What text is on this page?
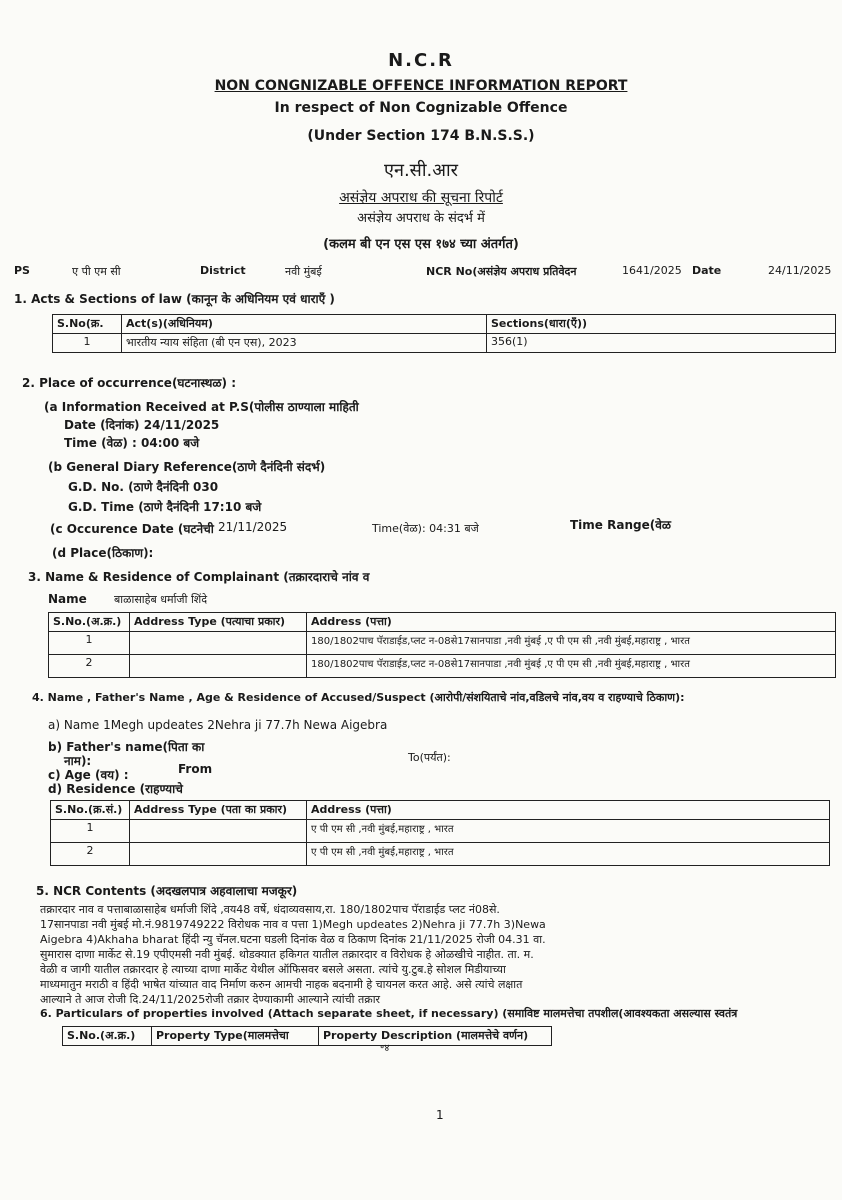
N.C.R
NON CONGNIZABLE OFFENCE INFORMATION REPORT
In respect of Non Cognizable Offence
(Under Section 174 B.N.S.S.)
एन.सी.आर
असंज्ञेय अपराध की सूचना रिपोर्ट
असंज्ञेय अपराध के संदर्भ में
(कलम बी एन एस एस १७४ च्या अंतर्गत)
PS	ए पी एम सी	District	नवी मुंबई	NCR No(असंज्ञेय अपराध प्रतिवेदन	1641/2025 Date	24/11/2025
1. Acts & Sections of law (कानून के अधिनियम एवं धाराएँ )
S.No(क्र.	Act(s)(अधिनियम)	Sections(धारा(एँ))
1	भारतीय न्याय संहिता (बी एन एस), 2023	356(1)
2. Place of occurrence(घटनास्थळ) :
(a Information Received at P.S(पोलीस ठाण्याला माहिती
Date (दिनांक) 24/11/2025
Time (वेळ) : 04:00 बजे
(b General Diary Reference(ठाणे दैनंदिनी संदर्भ)
G.D. No. (ठाणे दैनंदिनी 030
G.D. Time (ठाणे दैनंदिनी 17:10 बजे
(c Occurence Date (घटनेची 21/11/2025	Time(वेळ): 04:31 बजे	Time Range(वेळ
(d Place(ठिकाण):
3. Name & Residence of Complainant (तक्रारदाराचे नांव व
Name बाळासाहेब धर्माजी शिंदे
S.No.(अ.क्र.)	Address Type (पत्याचा प्रकार)	Address (पत्ता)
1		180/1802पाच पॅराडाईड,प्लट न-08से17सानपाडा ,नवी मुंबई ,ए पी एम सी ,नवी मुंबई,महाराष्ट्र , भारत
2		180/1802पाच पॅराडाईड,प्लट न-08से17सानपाडा ,नवी मुंबई ,ए पी एम सी ,नवी मुंबई,महाराष्ट्र , भारत
4. Name , Father's Name , Age & Residence of Accused/Suspect (आरोपी/संशयिताचे नांव,वडिलचे नांव,वय व राहण्याचे ठिकाण):
a) Name 1Megh updeates 2Nehra ji 77.7h Newa Aigebra
b) Father's name(पिता का
नाम):
c) Age (वय) :	From
To(पर्यंत):
d) Residence (राहण्याचे
S.No.(क्र.सं.)	Address Type (पता का प्रकार)	Address (पत्ता)
1		ए पी एम सी ,नवी मुंबई,महाराष्ट्र , भारत
2		ए पी एम सी ,नवी मुंबई,महाराष्ट्र , भारत
5. NCR Contents (अदखलपात्र अहवालाचा मजकूर)
तक्रारदार नाव व पत्ताबाळासाहेब धर्माजी शिंदे ,वय48 वर्षे, धंदाव्यवसाय,रा. 180/1802पाच पॅराडाईड प्लट नं08से.
17सानपाडा नवी मुंबई मो.नं.9819749222 विरोधक नाव व पत्ता 1)Megh updeates 2)Nehra ji 77.7h 3)Newa
Aigebra 4)Akhaha bharat हिंदी न्यु चॅनल.घटना घडली दिनांक वेळ व ठिकाण दिनांक 21/11/2025 रोजी 04.31 वा.
सुमारास दाणा मार्केट से.19 एपीएमसी नवी मुंबई. थोडक्यात हकिगत यातील तक्रारदार व विरोधक हे ओळखीचे नाहीत. ता. म.
वेळी व जागी यातील तक्रारदार हे त्याच्या दाणा मार्केट येथील ऑफिसवर बसले असता. त्यांचे यु.टुब.हे सोशल मिडीयाच्या
माध्यमातुन मराठी व हिंदी भाषेत यांच्यात वाद निर्माण करुन आमची नाहक बदनामी हे चायनल करत आहे. असे त्यांचे लक्षात
आल्याने ते आज रोजी दि.24/11/2025रोजी तक्रार देण्याकामी आल्याने त्यांची तक्रार
6. Particulars of properties involved (Attach separate sheet, if necessary) (समाविष्ट मालमत्तेचा तपशील(आवश्यकता असल्यास स्वतंत्र
S.No.(अ.क्र.)	Property Type(मालमत्तेचा	Property Description (मालमत्तेचे वर्णन)
॰४
1
